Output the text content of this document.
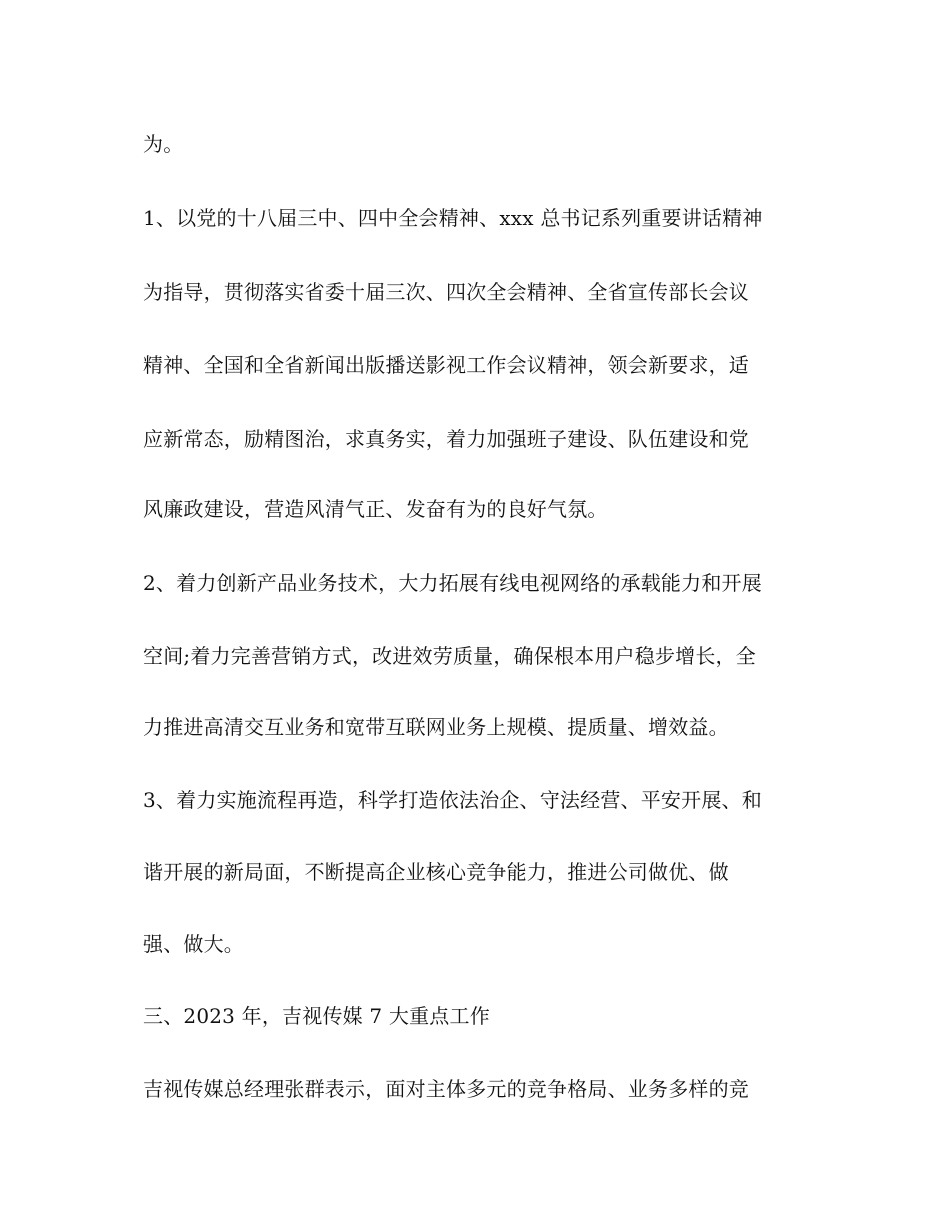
为。
1、以党的十八届三中、四中全会精神、xxx 总书记系列重要讲话精神
为指导，贯彻落实省委十届三次、四次全会精神、全省宣传部长会议
精神、全国和全省新闻出版播送影视工作会议精神，领会新要求，适
应新常态，励精图治，求真务实，着力加强班子建设、队伍建设和党
风廉政建设，营造风清气正、发奋有为的良好气氛。
2、着力创新产品业务技术，大力拓展有线电视网络的承载能力和开展
空间;着力完善营销方式，改进效劳质量，确保根本用户稳步增长，全
力推进高清交互业务和宽带互联网业务上规模、提质量、增效益。
3、着力实施流程再造，科学打造依法治企、守法经营、平安开展、和
谐开展的新局面，不断提高企业核心竞争能力，推进公司做优、做
强、做大。
三、2023 年，吉视传媒 7 大重点工作
吉视传媒总经理张群表示，面对主体多元的竞争格局、业务多样的竞
